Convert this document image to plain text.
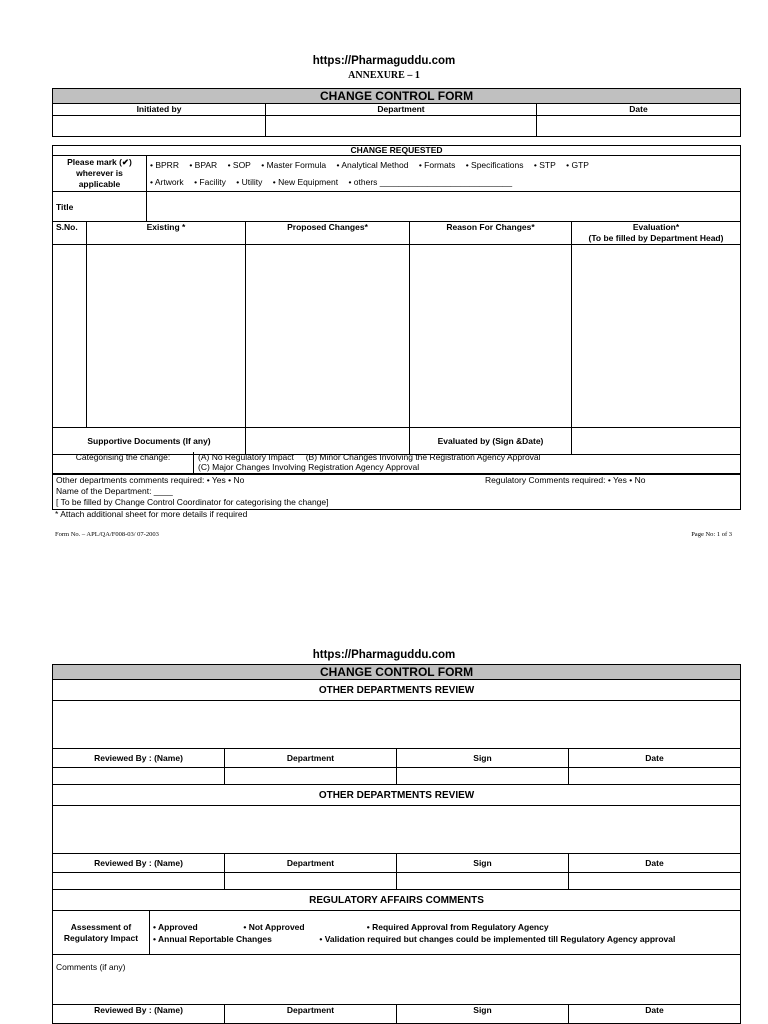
https://Pharmaguddu.com
ANNEXURE – 1
CHANGE CONTROL FORM		
Initiated by	Department	Date

CHANGE REQUESTED					
Please mark (✔) wherever is applicable		• BPRR • BPAR • SOP • Master Formula • Analytical Method • Formats • Specifications • STP • GTP
• Artwork • Facility • Utility • New Equipment • others ____________________________			

Title					
S.No.	Existing *		Proposed Changes*	Reason For Changes*	Evaluation*
(To be filled by Department Head)

Supportive Documents (If any)				Evaluated by (Sign &Date)	
Categorising the change:	(A) No Regulatory Impact (B) Minor Changes Involving the Registration Agency Approval
(C) Major Changes Involving Registration Agency Approval
Other departments comments required: • Yes • No	Regulatory Comments required: • Yes • No
Name of the Department: ____
[ To be filled by Change Control Coordinator for categorising the change]
* Attach additional sheet for more details if required
Form No. – APL/QA/F008-03/ 07-2003	Page No: 1 of 3
https://Pharmaguddu.com
CHANGE CONTROL FORM				
OTHER DEPARTMENTS REVIEW				

Reviewed By : (Name)		Department	Sign	Date

OTHER DEPARTMENTS REVIEW				

Reviewed By : (Name)		Department	Sign	Date

REGULATORY AFFAIRS COMMENTS				
Assessment of Regulatory Impact	• Approved • Not Approved • Required Approval from Regulatory Agency
• Annual Reportable Changes • Validation required but changes could be implemented till Regulatory Agency approval			

Comments (if any)				
Reviewed By : (Name)		Department	Sign	Date
